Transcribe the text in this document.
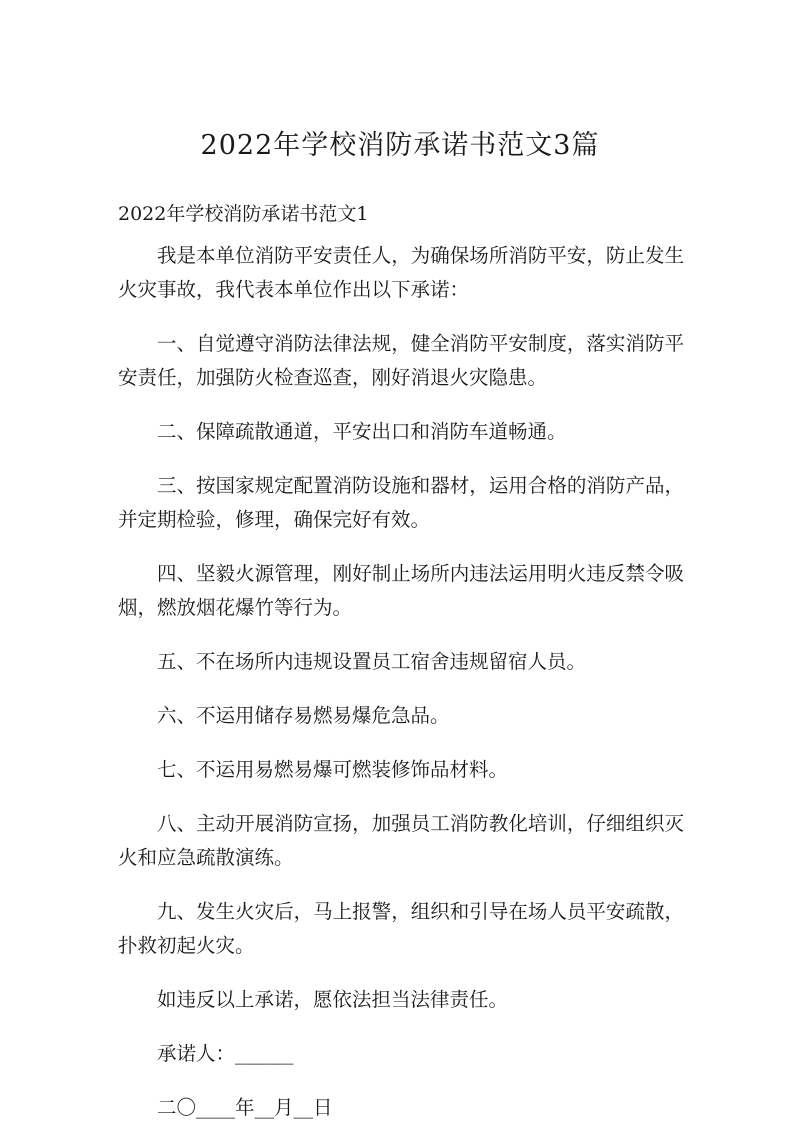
2022年学校消防承诺书范文3篇
2022年学校消防承诺书范文1

我是本单位消防平安责任人，为确保场所消防平安，防止发生火灾事故，我代表本单位作出以下承诺：

一、自觉遵守消防法律法规，健全消防平安制度，落实消防平安责任，加强防火检查巡查，刚好消退火灾隐患。

二、保障疏散通道，平安出口和消防车道畅通。

三、按国家规定配置消防设施和器材，运用合格的消防产品，并定期检验，修理，确保完好有效。

四、坚毅火源管理，刚好制止场所内违法运用明火违反禁令吸烟，燃放烟花爆竹等行为。

五、不在场所内违规设置员工宿舍违规留宿人员。

六、不运用储存易燃易爆危急品。

七、不运用易燃易爆可燃装修饰品材料。

八、主动开展消防宣扬，加强员工消防教化培训，仔细组织灭火和应急疏散演练。

九、发生火灾后，马上报警，组织和引导在场人员平安疏散，扑救初起火灾。

如违反以上承诺，愿依法担当法律责任。

承诺人：______

二〇____年__月__日
